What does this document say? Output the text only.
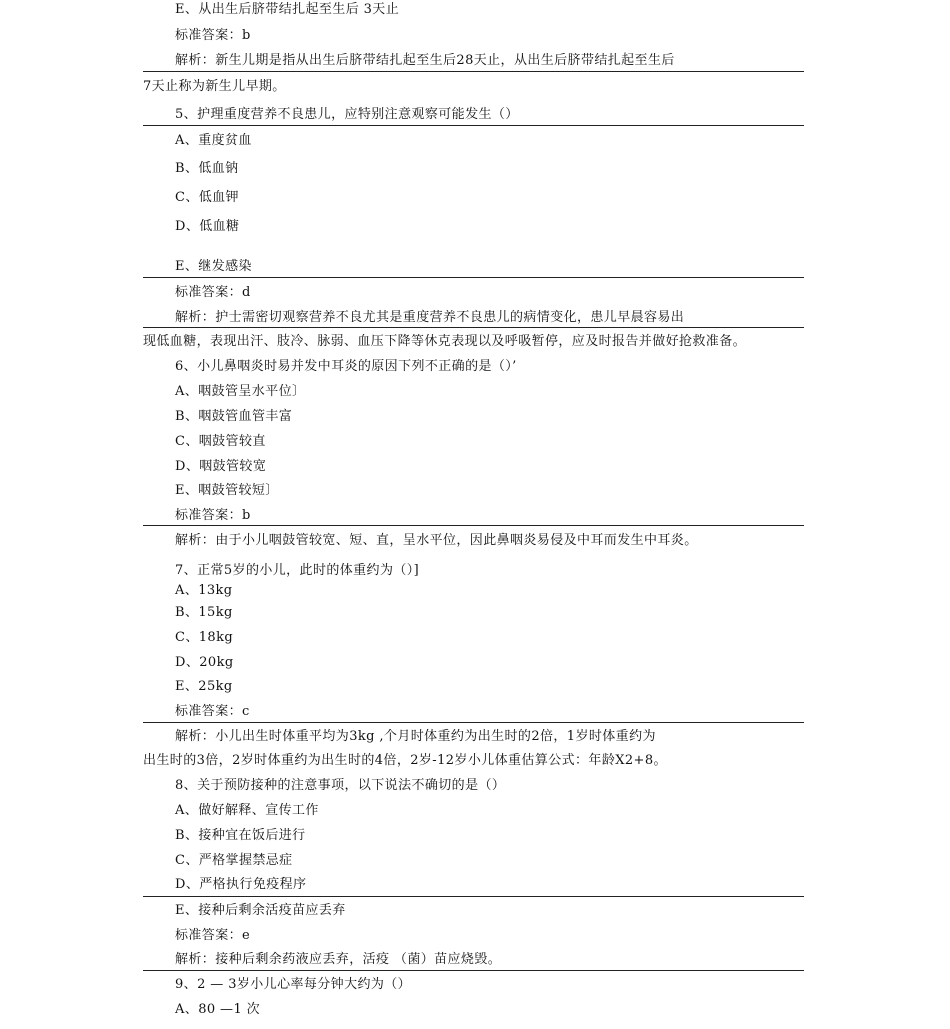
E、从出生后脐带结扎起至生后 3天止
标准答案：b
解析：新生儿期是指从出生后脐带结扎起至生后28天止，从出生后脐带结扎起至生后
7天止称为新生儿早期。
5、护理重度营养不良患儿，应特别注意观察可能发生（）
A、重度贫血
B、低血钠
C、低血钾
D、低血糖
E、继发感染
标准答案：d
解析：护士需密切观察营养不良尤其是重度营养不良患儿的病情变化，患儿早晨容易出
现低血糖，表现出汗、肢冷、脉弱、血压下降等休克表现以及呼吸暂停，应及时报告并做好抢救准备。
6、小儿鼻咽炎时易并发中耳炎的原因下列不正确的是（）’
A、咽鼓管呈水平位〕
B、咽鼓管血管丰富
C、咽鼓管较直
D、咽鼓管较宽
E、咽鼓管较短〕
标准答案：b
解析：由于小儿咽鼓管较宽、短、直，呈水平位，因此鼻咽炎易侵及中耳而发生中耳炎。
7、正常5岁的小儿，此时的体重约为（）]
A、13kg
B、15kg
C、18kg
D、20kg
E、25kg
标准答案：c
解析：小儿出生时体重平均为3kg ,个月时体重约为出生时的2倍，1岁时体重约为
出生时的3倍，2岁时体重约为出生时的4倍，2岁-12岁小儿体重估算公式：年龄X2+8。
8、关于预防接种的注意事项，以下说法不确切的是（）
A、做好解释、宣传工作
B、接种宜在饭后进行
C、严格掌握禁忌症
D、严格执行免疫程序
E、接种后剩余活疫苗应丢弃
标准答案：e
解析：接种后剩余药液应丢弃，活疫 （菌）苗应烧毁。
9、2 — 3岁小儿心率每分钟大约为（）
A、80 —1 次
